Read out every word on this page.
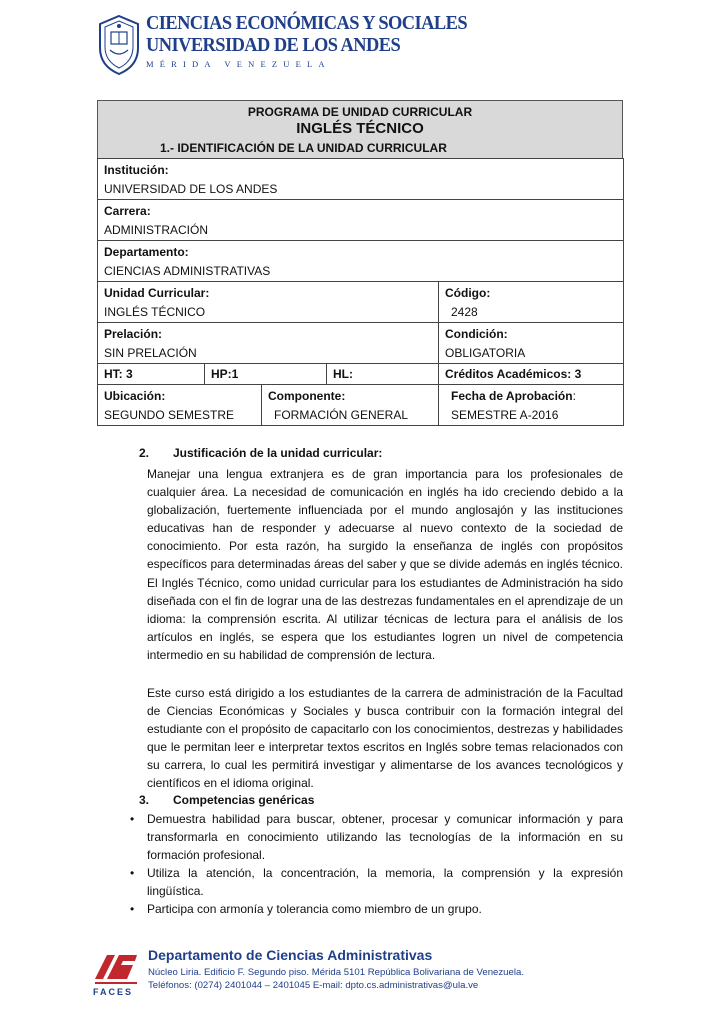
CIENCIAS ECONÓMICAS Y SOCIALES
UNIVERSIDAD DE LOS ANDES
MÉRIDA VENEZUELA
PROGRAMA DE UNIDAD CURRICULAR
INGLÉS TÉCNICO
1.- IDENTIFICACIÓN DE LA UNIDAD CURRICULAR
Institución:
UNIVERSIDAD DE LOS ANDES				

Carrera:
ADMINISTRACIÓN				

Departamento:
CIENCIAS ADMINISTRATIVAS				

Unidad Curricular:
INGLÉS TÉCNICO				Código:
2428

Prelación:
SIN PRELACIÓN				Condición:
OBLIGATORIA

HT: 3	HP:1		HL:	Créditos Académicos: 3

Ubicación:
SEGUNDO SEMESTRE		Componente:
FORMACIÓN GENERAL		Fecha de Aprobación:
SEMESTRE A-2016
2. Justificación de la unidad curricular:
Manejar una lengua extranjera es de gran importancia para los profesionales de cualquier área. La necesidad de comunicación en inglés ha ido creciendo debido a la globalización, fuertemente influenciada por el mundo anglosajón y las instituciones educativas han de responder y adecuarse al nuevo contexto de la sociedad de conocimiento. Por esta razón, ha surgido la enseñanza de inglés con propósitos específicos para determinadas áreas del saber y que se divide además en inglés técnico. El Inglés Técnico, como unidad curricular para los estudiantes de Administración ha sido diseñada con el fin de lograr una de las destrezas fundamentales en el aprendizaje de un idioma: la comprensión escrita. Al utilizar técnicas de lectura para el análisis de los artículos en inglés, se espera que los estudiantes logren un nivel de competencia intermedio en su habilidad de comprensión de lectura.
Este curso está dirigido a los estudiantes de la carrera de administración de la Facultad de Ciencias Económicas y Sociales y busca contribuir con la formación integral del estudiante con el propósito de capacitarlo con los conocimientos, destrezas y habilidades que le permitan leer e interpretar textos escritos en Inglés sobre temas relacionados con su carrera, lo cual les permitirá investigar y alimentarse de los avances tecnológicos y científicos en el idioma original.
3. Competencias genéricas
• Demuestra habilidad para buscar, obtener, procesar y comunicar información y para transformarla en conocimiento utilizando las tecnologías de la información en su formación profesional.
• Utiliza la atención, la concentración, la memoria, la comprensión y la expresión lingüística.
• Participa con armonía y tolerancia como miembro de un grupo.
FACES
Departamento de Ciencias Administrativas
Núcleo Liria. Edificio F. Segundo piso. Mérida 5101 República Bolivariana de Venezuela.
Teléfonos: (0274) 2401044 – 2401045 E-mail: dpto.cs.administrativas@ula.ve
